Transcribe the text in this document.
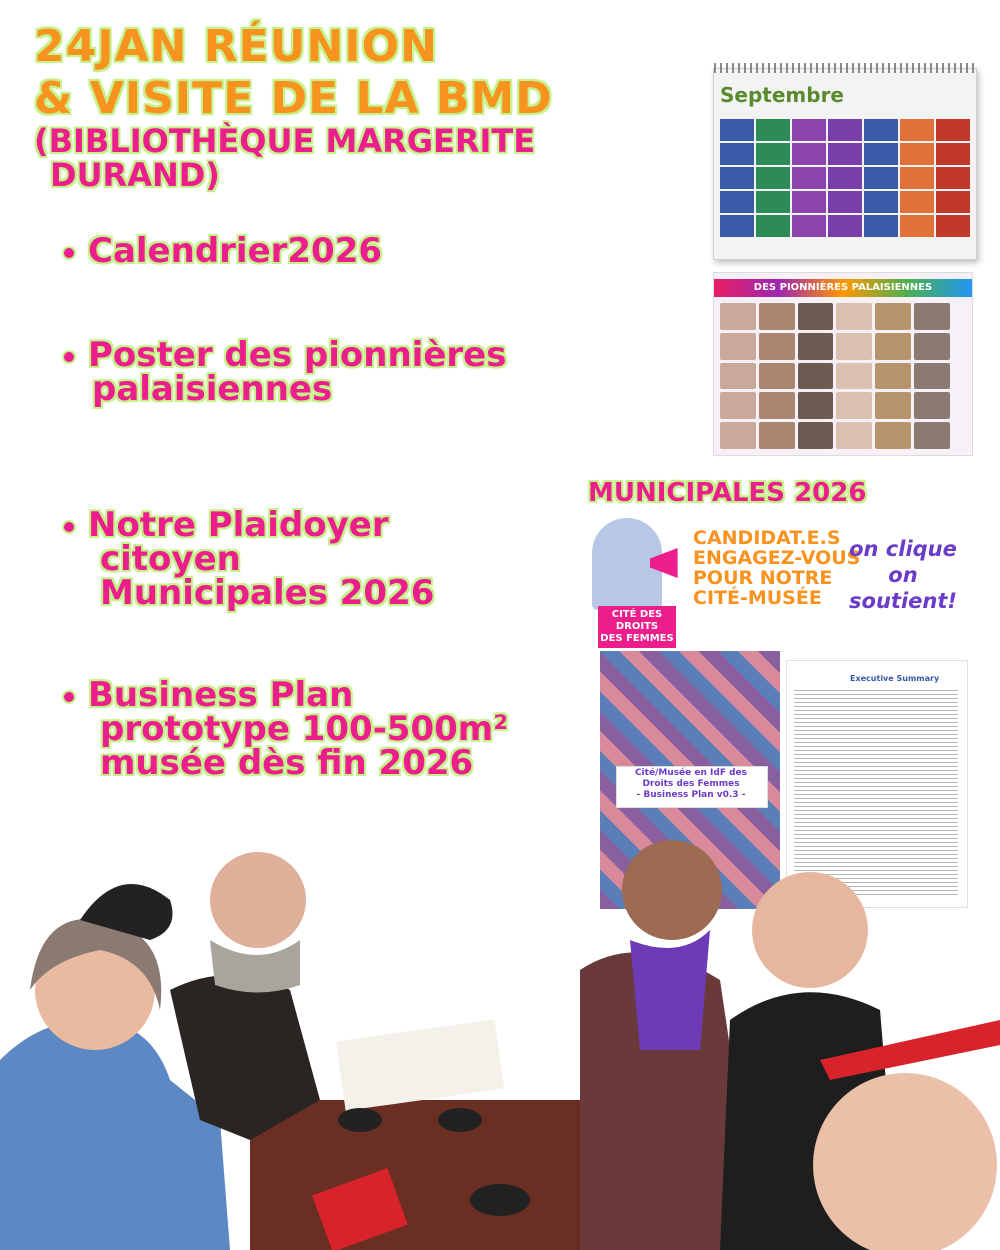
24JAN RÉUNION
& VISITE DE LA BMD
(BIBLIOTHÈQUE MARGERITE
DURAND)
Calendrier2026
Poster des pionnières
palaisiennes
Notre Plaidoyer
citoyen
Municipales 2026
Business Plan
prototype 100-500m²
musée dès fin 2026
Septembre
DES PIONNIÈRES PALAISIENNES
MUNICIPALES 2026
CITÉ DES DROITS
DES FEMMES
CANDIDAT.E.S
ENGAGEZ-VOUS
POUR NOTRE
CITÉ-MUSÉE
on clique
on soutient!
Cité/Musée en IdF des Droits des Femmes
- Business Plan v0.3 -
Executive Summary
